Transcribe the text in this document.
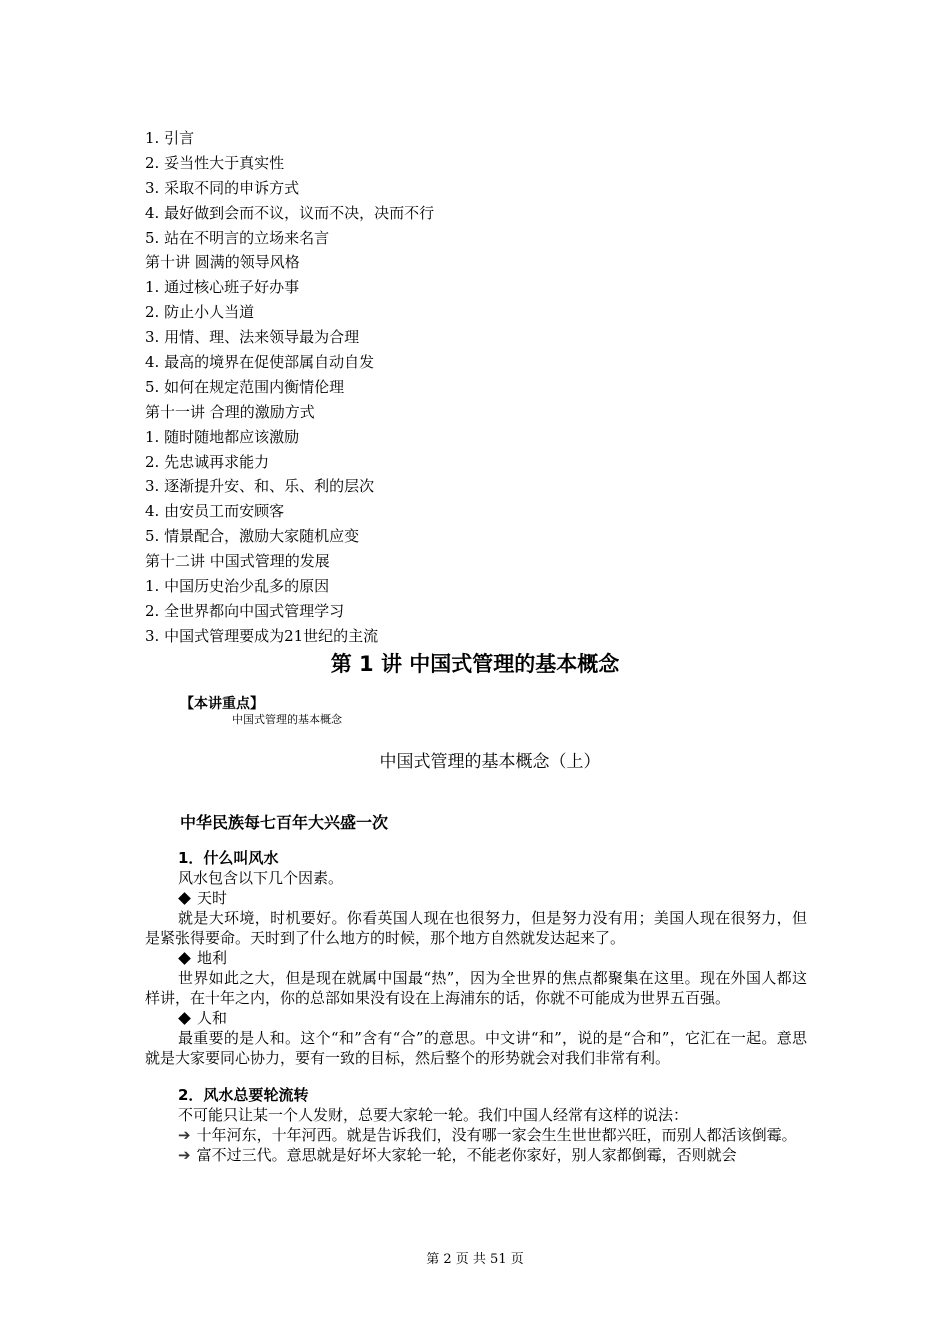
1. 引言
2. 妥当性大于真实性
3. 采取不同的申诉方式
4. 最好做到会而不议，议而不决，决而不行
5. 站在不明言的立场来名言
第十讲 圆满的领导风格
1. 通过核心班子好办事
2. 防止小人当道
3. 用情、理、法来领导最为合理
4. 最高的境界在促使部属自动自发
5. 如何在规定范围内衡情伦理
第十一讲 合理的激励方式
1. 随时随地都应该激励
2. 先忠诚再求能力
3. 逐渐提升安、和、乐、利的层次
4. 由安员工而安顾客
5. 情景配合，激励大家随机应变
第十二讲 中国式管理的发展
1. 中国历史治少乱多的原因
2. 全世界都向中国式管理学习
3. 中国式管理要成为21世纪的主流
第 1 讲 中国式管理的基本概念
【本讲重点】
中国式管理的基本概念
中国式管理的基本概念（上）
中华民族每七百年大兴盛一次
1．什么叫风水
风水包含以下几个因素。
天时
就是大环境，时机要好。你看英国人现在也很努力，但是努力没有用；美国人现在很努力，但是紧张得要命。天时到了什么地方的时候，那个地方自然就发达起来了。
地利
世界如此之大，但是现在就属中国最“热”，因为全世界的焦点都聚集在这里。现在外国人都这样讲，在十年之内，你的总部如果没有设在上海浦东的话，你就不可能成为世界五百强。
人和
最重要的是人和。这个“和”含有“合”的意思。中文讲“和”，说的是“合和”，它汇在一起。意思就是大家要同心协力，要有一致的目标，然后整个的形势就会对我们非常有利。
2．风水总要轮流转
不可能只让某一个人发财，总要大家轮一轮。我们中国人经常有这样的说法：
➔ 十年河东，十年河西。就是告诉我们，没有哪一家会生生世世都兴旺，而别人都活该倒霉。
➔ 富不过三代。意思就是好坏大家轮一轮，不能老你家好，别人家都倒霉，否则就会
第 2 页 共 51 页
